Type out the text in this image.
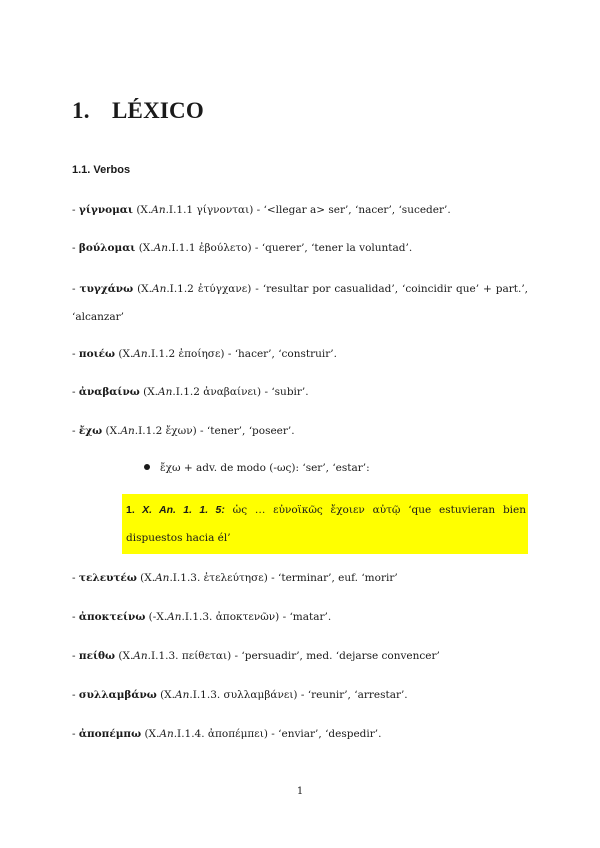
1. LÉXICO
1.1. Verbos
- γίγνομαι (X.An.I.1.1 γίγνονται) - ‘<llegar a> ser’, ‘nacer’, ‘suceder’.
- βούλομαι (X.An.I.1.1 ἐβούλετο) - ‘querer’, ‘tener la voluntad’.
- τυγχάνω (X.An.I.1.2 ἐτύγχανε) - ‘resultar por casualidad’, ‘coincidir que’ + part.’, ‘alcanzar’
- ποιέω (X.An.I.1.2 ἐποίησε) - ‘hacer’, ‘construir’.
- ἀναβαίνω (X.An.I.1.2 ἀναβαίνει) - ‘subir’.
- ἔχω (X.An.I.1.2 ἔχων) - ‘tener’, ‘poseer’.
ἔχω + adv. de modo (-ως): ‘ser’, ‘estar’:
1. X. An. 1. 1. 5: ὡς … εὐνοϊκῶς ἔχοιεν αὐτῷ ‘que estuvieran bien dispuestos hacia él’
- τελευτέω (X.An.I.1.3. ἐτελεύτησε) - ‘terminar’, euf. ‘morir’
- ἀποκτείνω (-X.An.I.1.3. ἀποκτενῶν) - ‘matar’.
- πείθω (X.An.I.1.3. πείθεται) - ‘persuadir’, med. ‘dejarse convencer’
- συλλαμβάνω (X.An.I.1.3. συλλαμβάνει) - ‘reunir’, ‘arrestar’.
- ἀποπέμπω (X.An.I.1.4. ἀποπέμπει) - ‘enviar’, ‘despedir’.
1
